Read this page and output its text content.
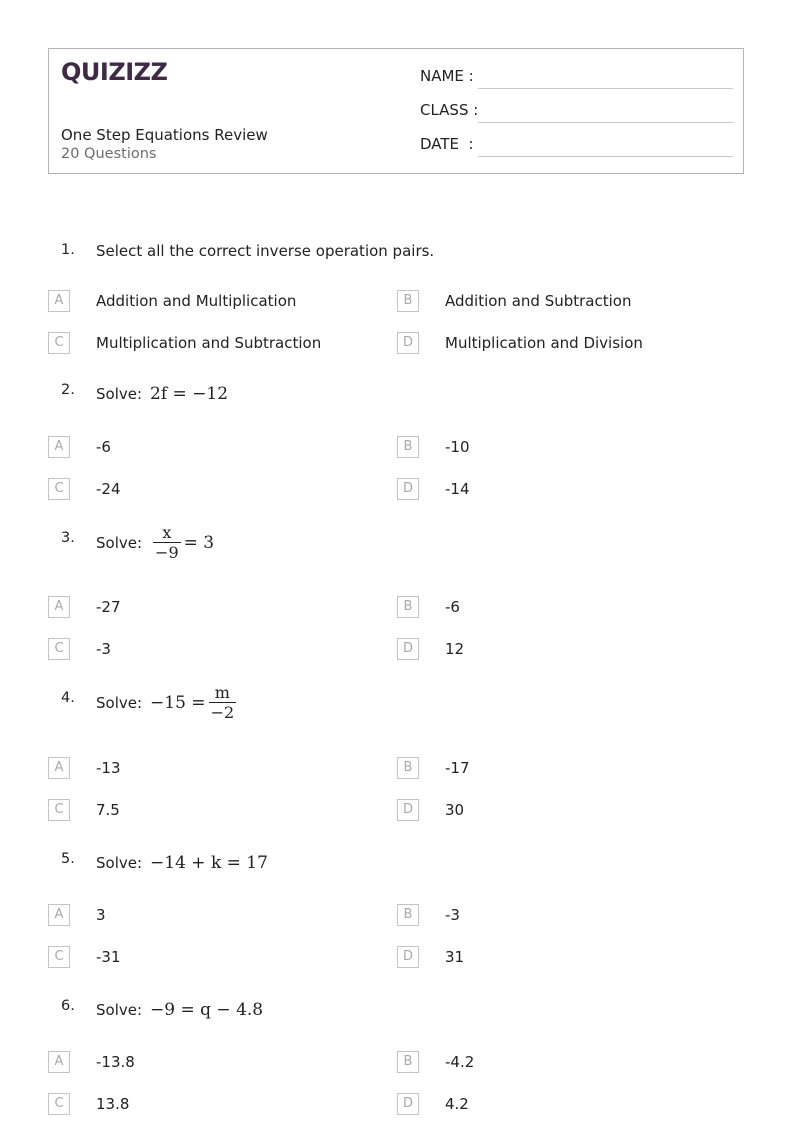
QUIZIZZ
One Step Equations Review
20 Questions
NAME :
CLASS :
DATE  :
1. Select all the correct inverse operation pairs.
A	Addition and Multiplication	B	Addition and Subtraction
C	Multiplication and Subtraction	D	Multiplication and Division
2. Solve: 2f = −12
A	-6	B	-10
C	-24	D	-14
3. Solve: $\frac{x}{-9} = 3$
A	-27	B	-6
C	-3	D	12
4. Solve: $-15 = \frac{m}{-2}$
A	-13	B	-17
C	7.5	D	30
5. Solve: −14 + k = 17
A	3	B	-3
C	-31	D	31
6. Solve: −9 = q − 4.8
A	-13.8	B	-4.2
C	13.8	D	4.2
